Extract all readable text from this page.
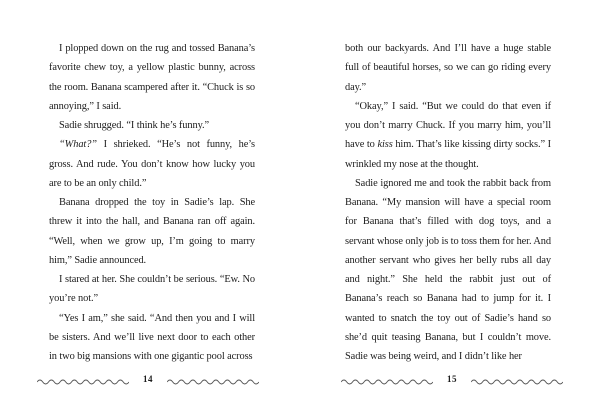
I plopped down on the rug and tossed Banana’s favorite chew toy, a yellow plastic bunny, across the room. Banana scampered after it. “Chuck is so annoying,” I said.

Sadie shrugged. “I think he’s funny.”

“What?” I shrieked. “He’s not funny, he’s gross. And rude. You don’t know how lucky you are to be an only child.”

Banana dropped the toy in Sadie’s lap. She threw it into the hall, and Banana ran off again. “Well, when we grow up, I’m going to marry him,” Sadie announced.

I stared at her. She couldn’t be serious. “Ew. No you’re not.”

“Yes I am,” she said. “And then you and I will be sisters. And we’ll live next door to each other in two big mansions with one gigantic pool across

14

both our backyards. And I’ll have a huge stable full of beautiful horses, so we can go riding every day.”

“Okay,” I said. “But we could do that even if you don’t marry Chuck. If you marry him, you’ll have to kiss him. That’s like kissing dirty socks.” I wrinkled my nose at the thought.

Sadie ignored me and took the rabbit back from Banana. “My mansion will have a special room for Banana that’s filled with dog toys, and a servant whose only job is to toss them for her. And another servant who gives her belly rubs all day and night.” She held the rabbit just out of Banana’s reach so Banana had to jump for it. I wanted to snatch the toy out of Sadie’s hand so she’d quit teasing Banana, but I couldn’t move. Sadie was being weird, and I didn’t like her

15
